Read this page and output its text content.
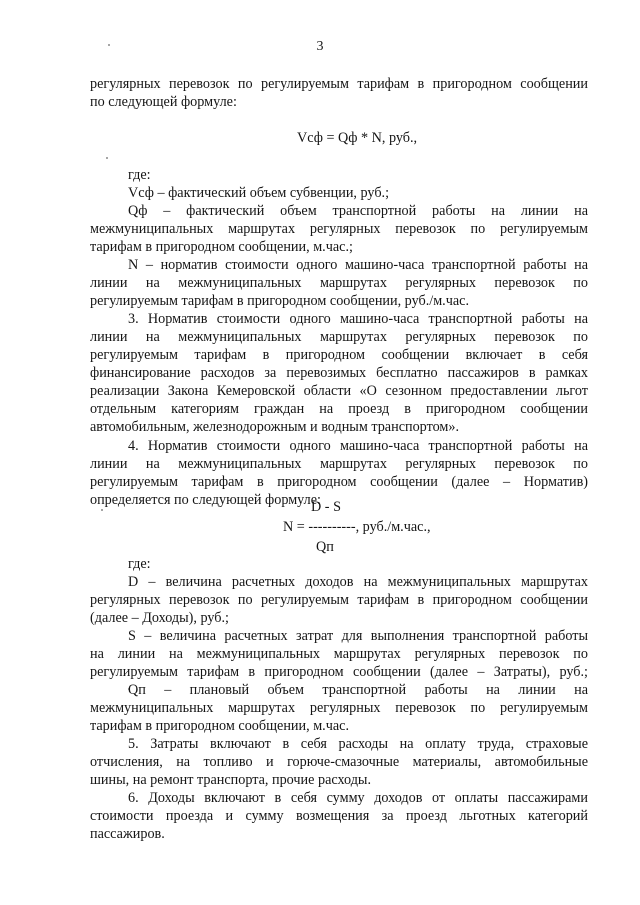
3
регулярных перевозок по регулируемым тарифам в пригородном сообщении
по следующей формуле:
Vсф = Qф * N, руб.,
где:
Vсф – фактический объем субвенции, руб.;
Qф – фактический объем транспортной работы на линии на
межмуниципальных маршрутах регулярных перевозок по регулируемым
тарифам в пригородном сообщении, м.час.;
N – норматив стоимости одного машино-часа транспортной работы на
линии на межмуниципальных маршрутах регулярных перевозок по
регулируемым тарифам в пригородном сообщении, руб./м.час.
3. Норматив стоимости одного машино-часа транспортной работы на
линии на межмуниципальных маршрутах регулярных перевозок по
регулируемым тарифам в пригородном сообщении включает в себя
финансирование расходов за перевозимых бесплатно пассажиров в рамках
реализации Закона Кемеровской области «О сезонном предоставлении льгот
отдельным категориям граждан на проезд в пригородном сообщении
автомобильным, железнодорожным и водным транспортом».
4. Норматив стоимости одного машино-часа транспортной работы на
линии на межмуниципальных маршрутах регулярных перевозок по
регулируемым тарифам в пригородном сообщении (далее – Норматив)
определяется по следующей формуле:
D - S
N = ----------, руб./м.час.,
Qп
где:
D – величина расчетных доходов на межмуниципальных маршрутах
регулярных перевозок по регулируемым тарифам в пригородном сообщении
(далее – Доходы), руб.;
S – величина расчетных затрат для выполнения транспортной работы
на линии на межмуниципальных маршрутах регулярных перевозок по
регулируемым тарифам в пригородном сообщении (далее – Затраты), руб.;
Qп – плановый объем транспортной работы на линии на
межмуниципальных маршрутах регулярных перевозок по регулируемым
тарифам в пригородном сообщении, м.час.
5. Затраты включают в себя расходы на оплату труда, страховые
отчисления, на топливо и горюче-смазочные материалы, автомобильные
шины, на ремонт транспорта, прочие расходы.
6. Доходы включают в себя сумму доходов от оплаты пассажирами
стоимости проезда и сумму возмещения за проезд льготных категорий
пассажиров.
